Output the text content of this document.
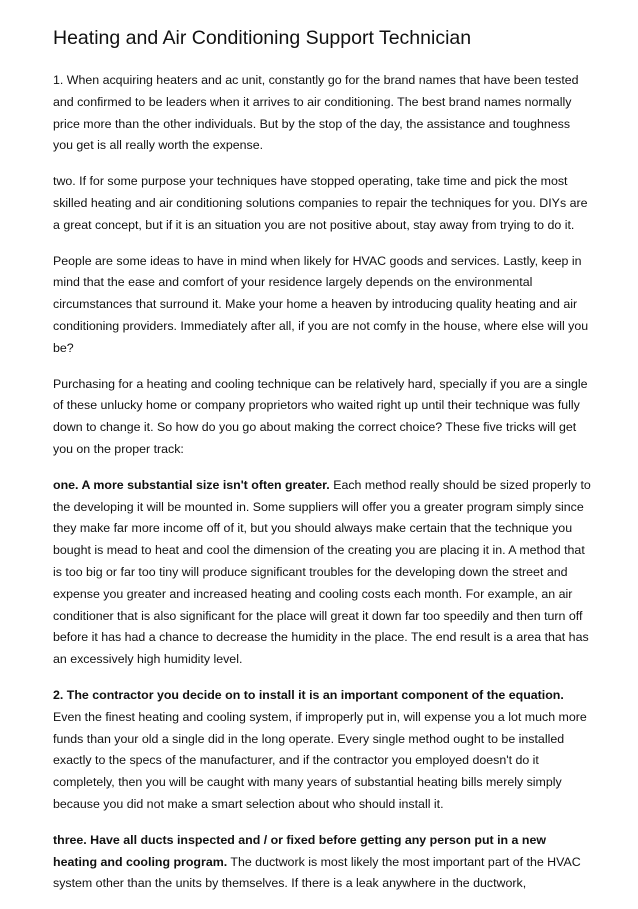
Heating and Air Conditioning Support Technician

1. When acquiring heaters and ac unit, constantly go for the brand names that have been tested and confirmed to be leaders when it arrives to air conditioning. The best brand names normally price more than the other individuals. But by the stop of the day, the assistance and toughness you get is all really worth the expense.

two. If for some purpose your techniques have stopped operating, take time and pick the most skilled heating and air conditioning solutions companies to repair the techniques for you. DIYs are a great concept, but if it is an situation you are not positive about, stay away from trying to do it.

People are some ideas to have in mind when likely for HVAC goods and services. Lastly, keep in mind that the ease and comfort of your residence largely depends on the environmental circumstances that surround it. Make your home a heaven by introducing quality heating and air conditioning providers. Immediately after all, if you are not comfy in the house, where else will you be?

Purchasing for a heating and cooling technique can be relatively hard, specially if you are a single of these unlucky home or company proprietors who waited right up until their technique was fully down to change it. So how do you go about making the correct choice? These five tricks will get you on the proper track:

one. A more substantial size isn't often greater. Each method really should be sized properly to the developing it will be mounted in. Some suppliers will offer you a greater program simply since they make far more income off of it, but you should always make certain that the technique you bought is mead to heat and cool the dimension of the creating you are placing it in. A method that is too big or far too tiny will produce significant troubles for the developing down the street and expense you greater and increased heating and cooling costs each month. For example, an air conditioner that is also significant for the place will great it down far too speedily and then turn off before it has had a chance to decrease the humidity in the place. The end result is a area that has an excessively high humidity level.

2. The contractor you decide on to install it is an important component of the equation. Even the finest heating and cooling system, if improperly put in, will expense you a lot much more funds than your old a single did in the long operate. Every single method ought to be installed exactly to the specs of the manufacturer, and if the contractor you employed doesn't do it completely, then you will be caught with many years of substantial heating bills merely simply because you did not make a smart selection about who should install it.

three. Have all ducts inspected and / or fixed before getting any person put in a new heating and cooling program. The ductwork is most likely the most important part of the HVAC system other than the units by themselves. If there is a leak anywhere in the ductwork,
